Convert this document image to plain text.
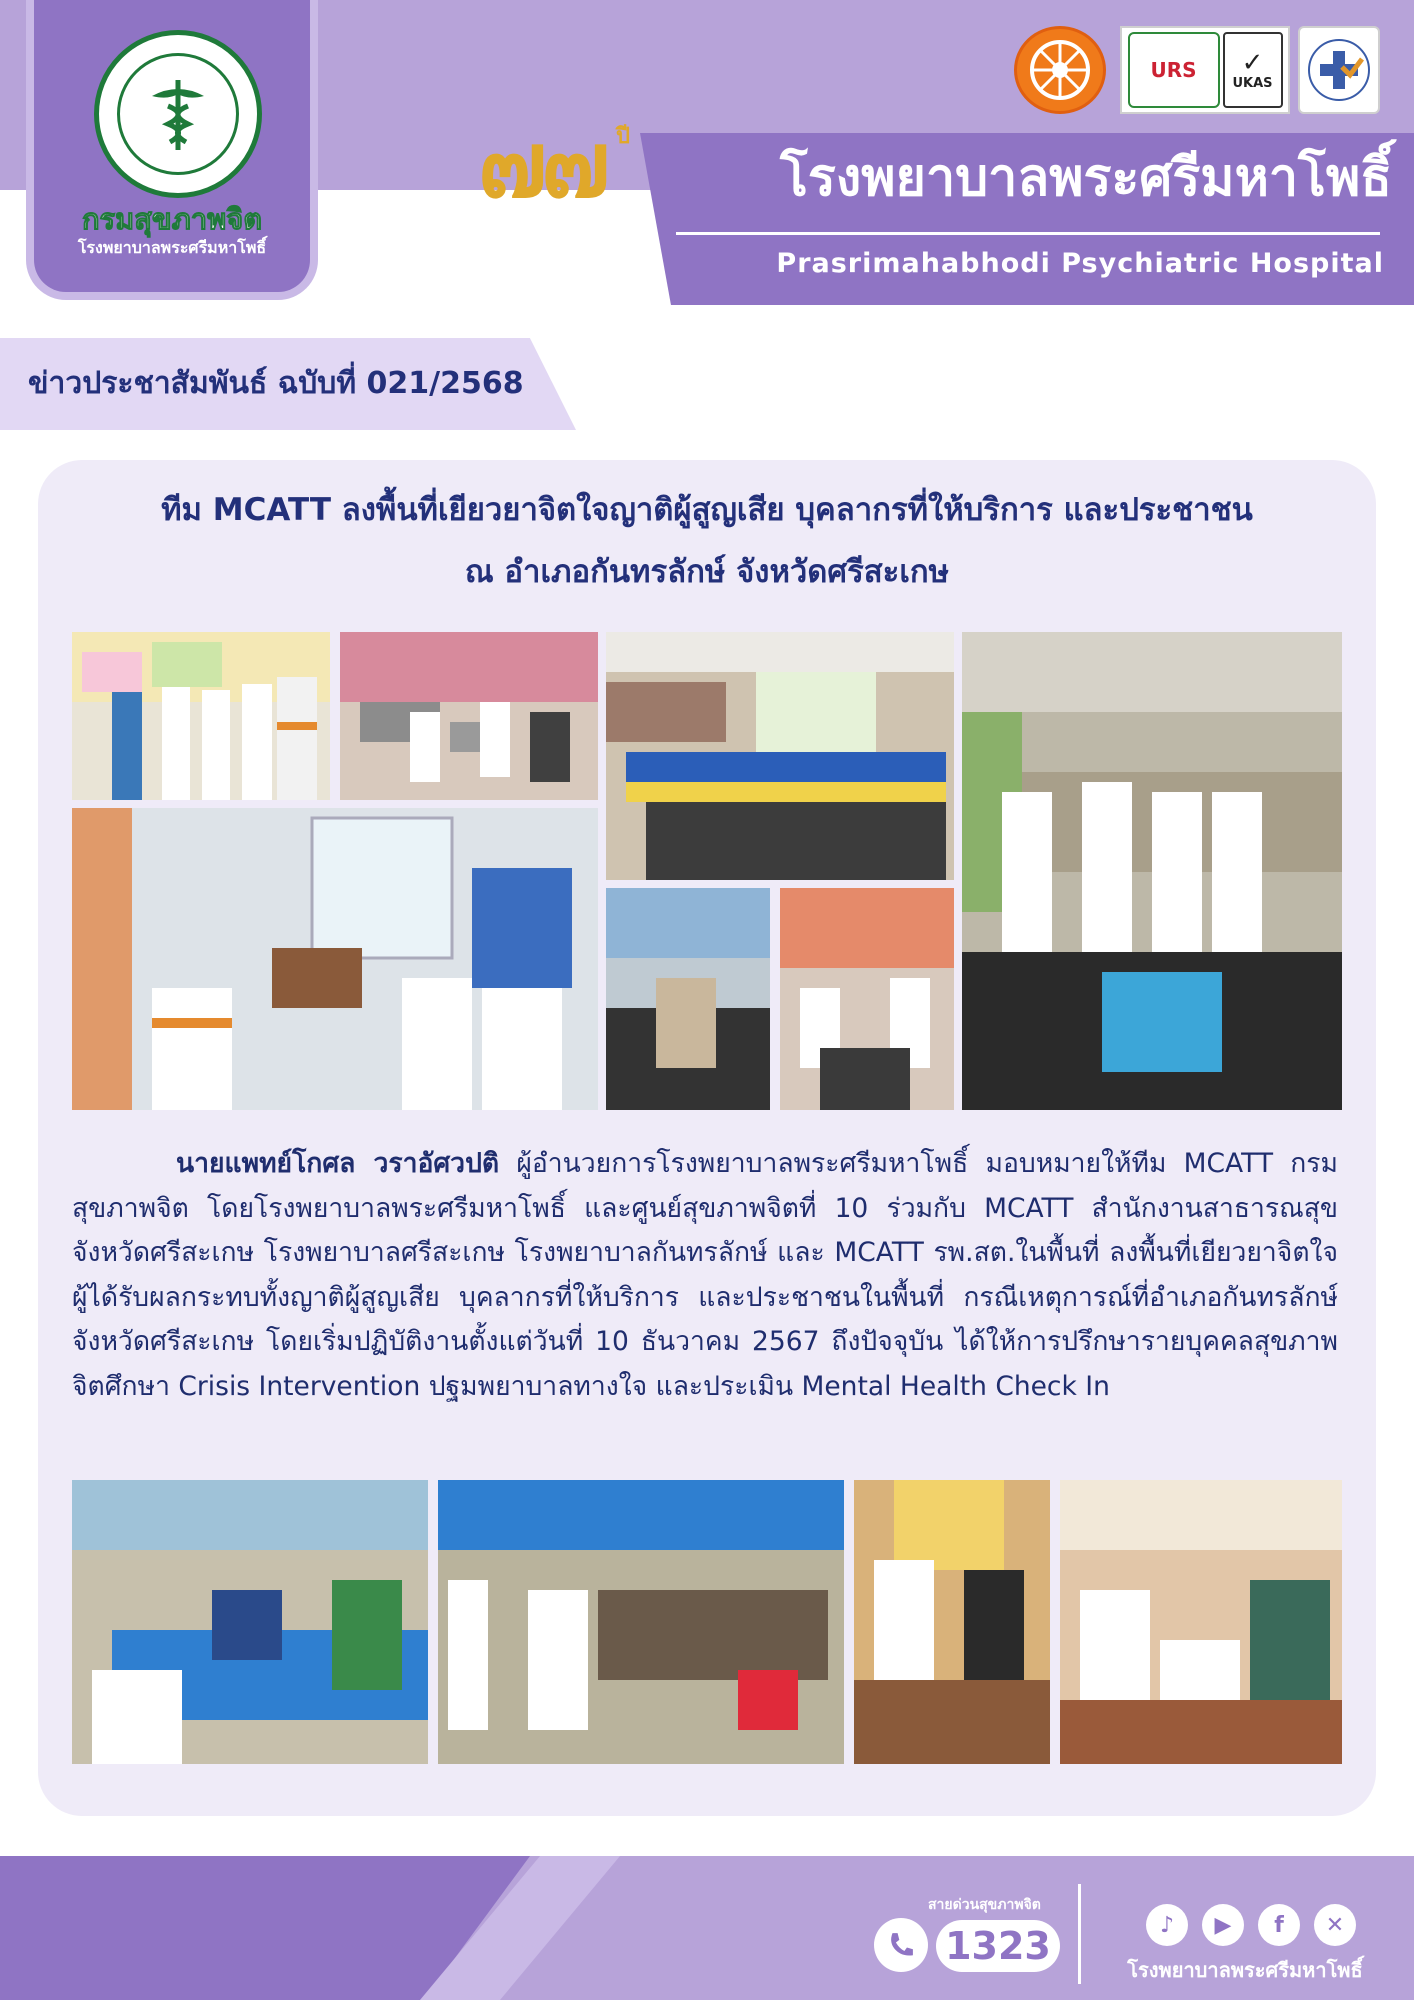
กรมสุขภาพจิต
โรงพยาบาลพระศรีมหาโพธิ์
๗๗ ปี
โรงพยาบาลพระศรีมหาโพธิ์
Prasrimahabhodi Psychiatric Hospital
URS ✓
UKAS
ข่าวประชาสัมพันธ์ ฉบับที่ 021/2568
ทีม MCATT ลงพื้นที่เยียวยาจิตใจญาติผู้สูญเสีย บุคลากรที่ให้บริการ และประชาชน
ณ อำเภอกันทรลักษ์ จังหวัดศรีสะเกษ

นายแพทย์โกศล วราอัศวปติ ผู้อำนวยการโรงพยาบาลพระศรีมหาโพธิ์ มอบหมายให้ทีม MCATT กรมสุขภาพจิต โดยโรงพยาบาลพระศรีมหาโพธิ์ และศูนย์สุขภาพจิตที่ 10 ร่วมกับ MCATT สำนักงานสาธารณสุขจังหวัดศรีสะเกษ โรงพยาบาลศรีสะเกษ โรงพยาบาลกันทรลักษ์ และ MCATT รพ.สต.ในพื้นที่ ลงพื้นที่เยียวยาจิตใจผู้ได้รับผลกระทบทั้งญาติผู้สูญเสีย บุคลากรที่ให้บริการ และประชาชนในพื้นที่ กรณีเหตุการณ์ที่อำเภอกันทรลักษ์ จังหวัดศรีสะเกษ โดยเริ่มปฏิบัติงานตั้งแต่วันที่ 10 ธันวาคม 2567 ถึงปัจจุบัน ได้ให้การปรึกษารายบุคคลสุขภาพจิตศึกษา Crisis Intervention ปฐมพยาบาลทางใจ และประเมิน Mental Health Check In

สายด่วนสุขภาพจิต
1323	♪	▶	f	✕
โรงพยาบาลพระศรีมหาโพธิ์
